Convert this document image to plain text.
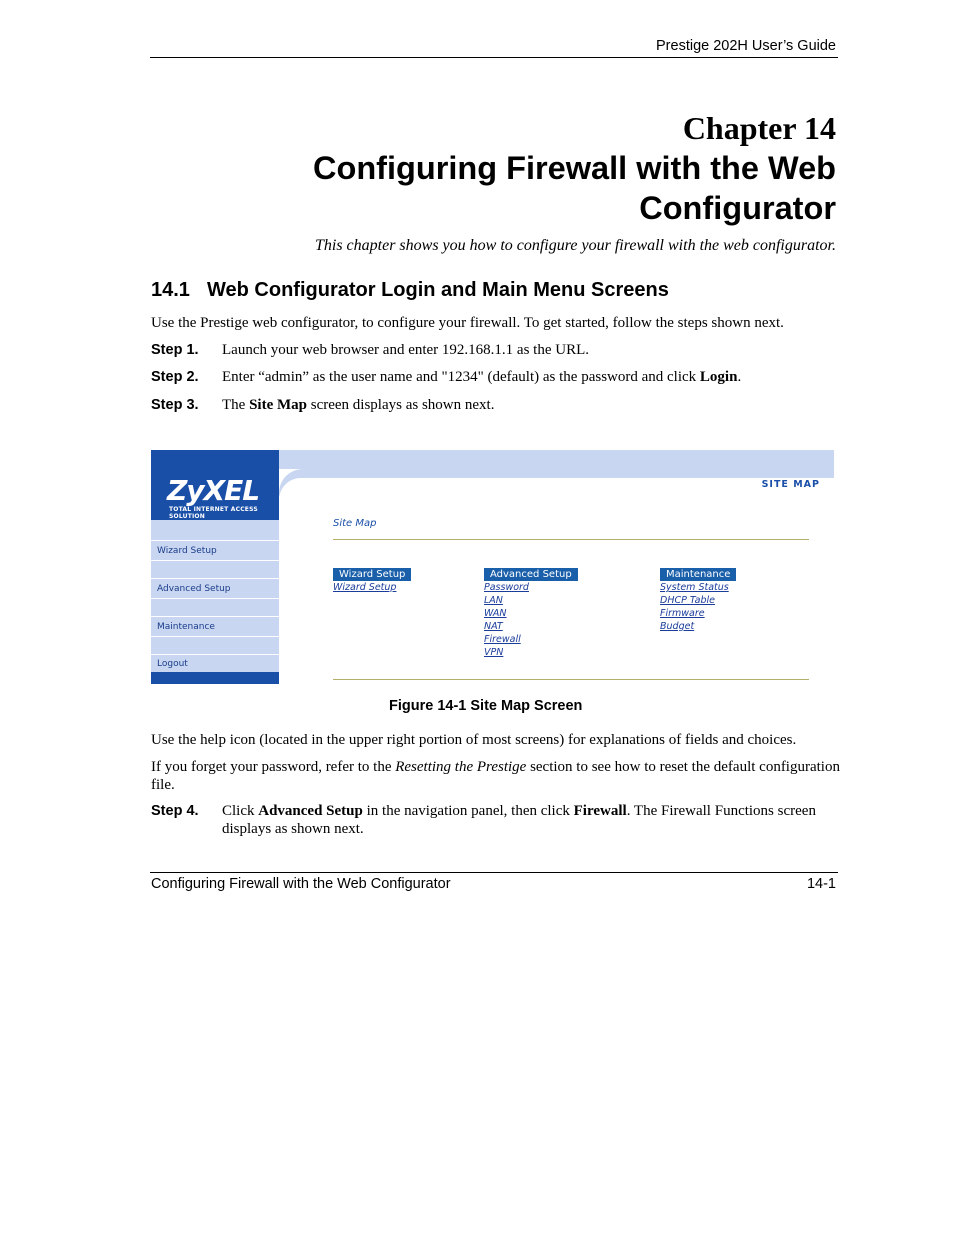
Prestige 202H User’s Guide
Chapter 14
Configuring Firewall with the Web
Configurator
This chapter shows you how to configure your firewall with the web configurator.
14.1 Web Configurator Login and Main Menu Screens
Use the Prestige web configurator, to configure your firewall. To get started, follow the steps shown next.
Step 1. Launch your web browser and enter 192.168.1.1 as the URL.
Step 2. Enter “admin” as the user name and "1234" (default) as the password and click Login.
Step 3. The Site Map screen displays as shown next.
ZyXEL
TOTAL INTERNET ACCESS SOLUTION
Wizard Setup
Advanced Setup
Maintenance
Logout
SITE MAP
Site Map
Wizard Setup
Wizard Setup
Advanced Setup
Password
LAN
WAN
NAT
Firewall
VPN
Maintenance
System Status
DHCP Table
Firmware
Budget
Figure 14-1 Site Map Screen
Use the help icon (located in the upper right portion of most screens) for explanations of fields and choices.
If you forget your password, refer to the Resetting the Prestige section to see how to reset the default configuration file.
Step 4. Click Advanced Setup in the navigation panel, then click Firewall. The Firewall Functions screen displays as shown next.
Configuring Firewall with the Web Configurator	14-1
